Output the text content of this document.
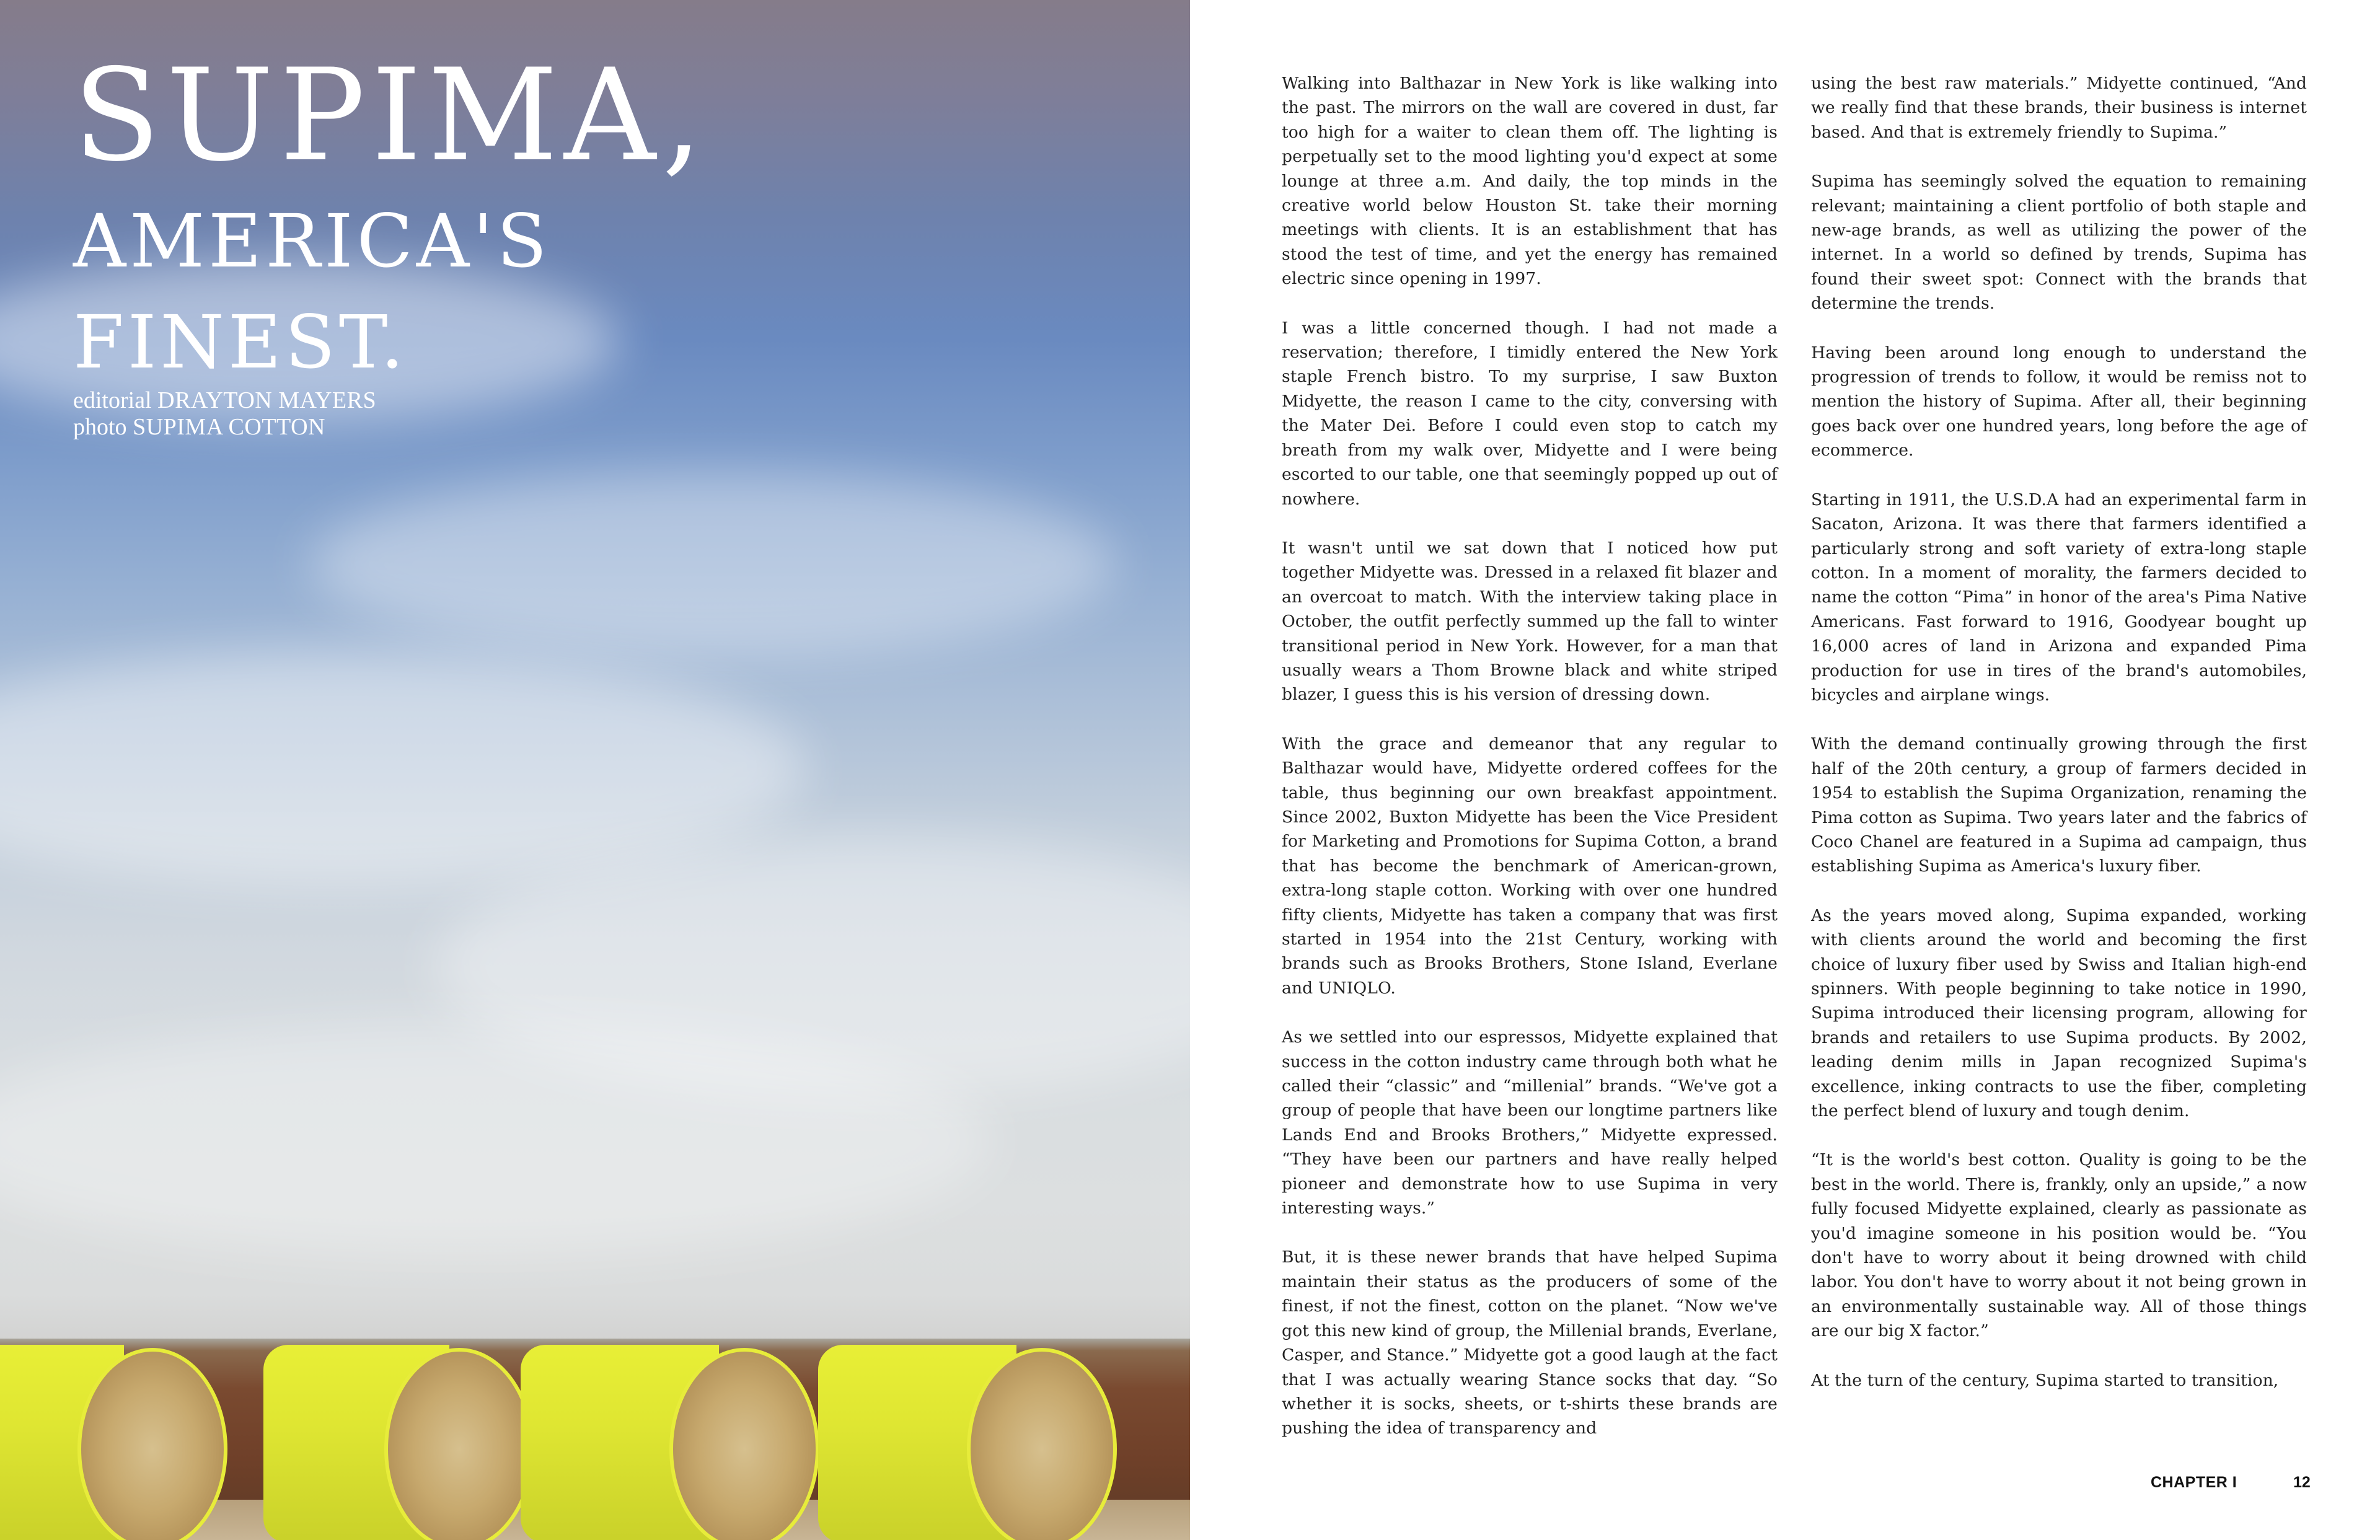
SUPIMA,
AMERICA'S
FINEST.
editorial DRAYTON MAYERS
photo SUPIMA COTTON

Walking into Balthazar in New York is like walking into the past. The mirrors on the wall are covered in dust, far too high for a waiter to clean them off. The lighting is perpetually set to the mood lighting you'd expect at some lounge at three a.m. And daily, the top minds in the creative world below Houston St. take their morning meetings with clients. It is an establishment that has stood the test of time, and yet the energy has remained electric since opening in 1997.

I was a little concerned though. I had not made a reservation; therefore, I timidly entered the New York staple French bistro. To my surprise, I saw Buxton Midyette, the reason I came to the city, conversing with the Mater Dei. Before I could even stop to catch my breath from my walk over, Midyette and I were being escorted to our table, one that seemingly popped up out of nowhere.

It wasn't until we sat down that I noticed how put together Midyette was. Dressed in a relaxed fit blazer and an overcoat to match. With the interview taking place in October, the outfit perfectly summed up the fall to winter transitional period in New York. However, for a man that usually wears a Thom Browne black and white striped blazer, I guess this is his version of dressing down.

With the grace and demeanor that any regular to Balthazar would have, Midyette ordered coffees for the table, thus beginning our own breakfast appointment. Since 2002, Buxton Midyette has been the Vice President for Marketing and Promotions for Supima Cotton, a brand that has become the benchmark of American-grown, extra-long staple cotton. Working with over one hundred fifty clients, Midyette has taken a company that was first started in 1954 into the 21st Century, working with brands such as Brooks Brothers, Stone Island, Everlane and UNIQLO.

As we settled into our espressos, Midyette explained that success in the cotton industry came through both what he called their “classic” and “millenial” brands. “We've got a group of people that have been our longtime partners like Lands End and Brooks Brothers,” Midyette expressed. “They have been our partners and have really helped pioneer and demonstrate how to use Supima in very interesting ways.”

But, it is these newer brands that have helped Supima maintain their status as the producers of some of the finest, if not the finest, cotton on the planet. “Now we've got this new kind of group, the Millenial brands, Everlane, Casper, and Stance.” Midyette got a good laugh at the fact that I was actually wearing Stance socks that day. “So whether it is socks, sheets, or t-shirts these brands are pushing the idea of transparency and

using the best raw materials.” Midyette continued, “And we really find that these brands, their business is internet based. And that is extremely friendly to Supima.”

Supima has seemingly solved the equation to remaining relevant; maintaining a client portfolio of both staple and new-age brands, as well as utilizing the power of the internet. In a world so defined by trends, Supima has found their sweet spot: Connect with the brands that determine the trends.

Having been around long enough to understand the progression of trends to follow, it would be remiss not to mention the history of Supima. After all, their beginning goes back over one hundred years, long before the age of ecommerce.

Starting in 1911, the U.S.D.A had an experimental farm in Sacaton, Arizona. It was there that farmers identified a particularly strong and soft variety of extra-long staple cotton. In a moment of morality, the farmers decided to name the cotton “Pima” in honor of the area's Pima Native Americans. Fast forward to 1916, Goodyear bought up 16,000 acres of land in Arizona and expanded Pima production for use in tires of the brand's automobiles, bicycles and airplane wings.

With the demand continually growing through the first half of the 20th century, a group of farmers decided in 1954 to establish the Supima Organization, renaming the Pima cotton as Supima. Two years later and the fabrics of Coco Chanel are featured in a Supima ad campaign, thus establishing Supima as America's luxury fiber.

As the years moved along, Supima expanded, working with clients around the world and becoming the first choice of luxury fiber used by Swiss and Italian high-end spinners. With people beginning to take notice in 1990, Supima introduced their licensing program, allowing for brands and retailers to use Supima products. By 2002, leading denim mills in Japan recognized Supima's excellence, inking contracts to use the fiber, completing the perfect blend of luxury and tough denim.

“It is the world's best cotton. Quality is going to be the best in the world. There is, frankly, only an upside,” a now fully focused Midyette explained, clearly as passionate as you'd imagine someone in his position would be. “You don't have to worry about it being drowned with child labor. You don't have to worry about it not being grown in an environmentally sustainable way. All of those things are our big X factor.”

At the turn of the century, Supima started to transition,

CHAPTER I	12
